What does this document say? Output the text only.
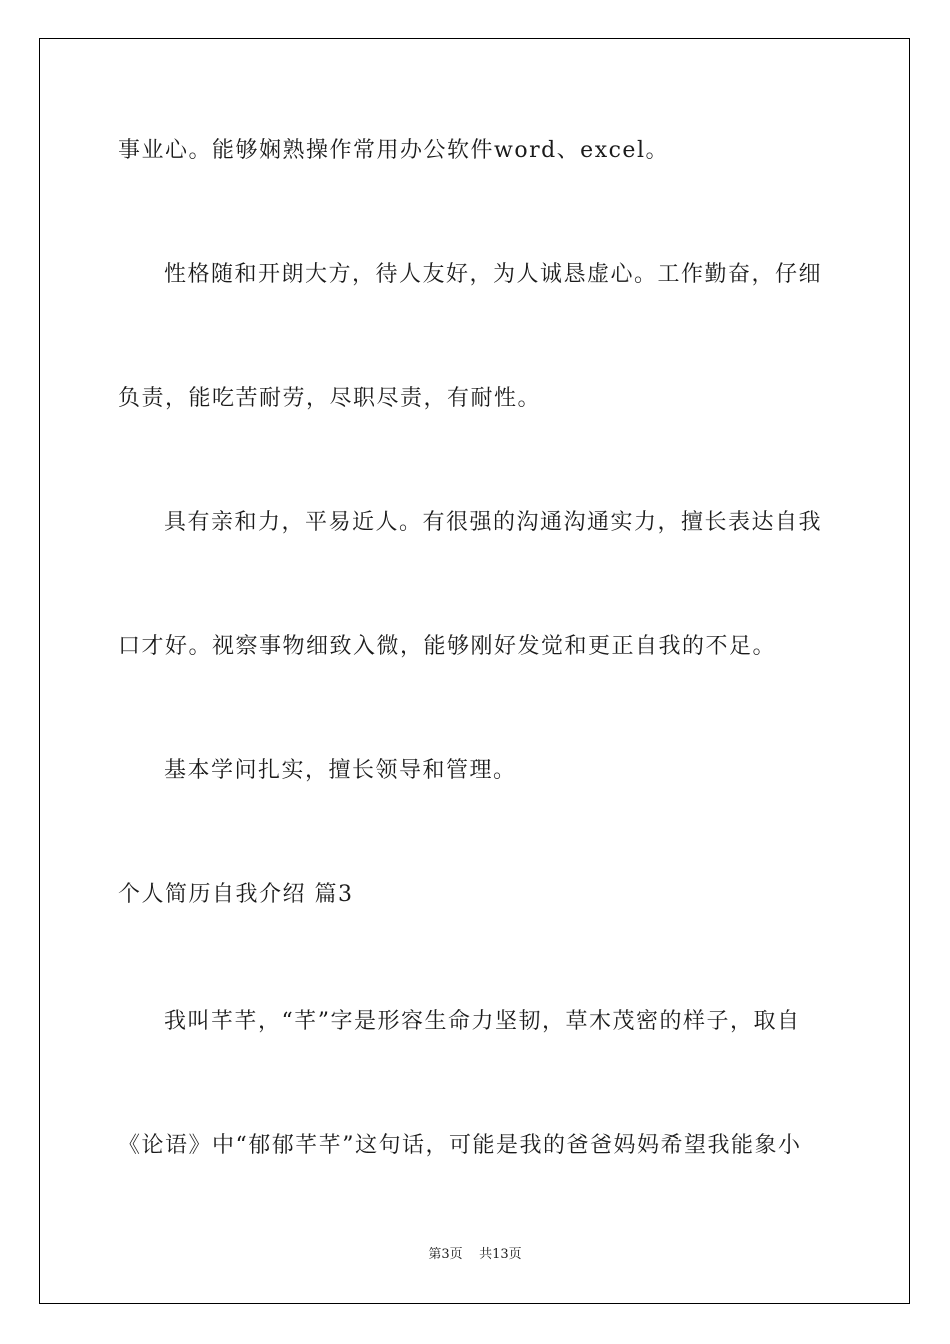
事业心。能够娴熟操作常用办公软件word、excel。
性格随和开朗大方，待人友好，为人诚恳虚心。工作勤奋，仔细
负责，能吃苦耐劳，尽职尽责，有耐性。
具有亲和力，平易近人。有很强的沟通沟通实力，擅长表达自我
口才好。视察事物细致入微，能够刚好发觉和更正自我的不足。
基本学问扎实，擅长领导和管理。
个人简历自我介绍 篇3
我叫芊芊，“芊”字是形容生命力坚韧，草木茂密的样子，取自
《论语》中“郁郁芊芊”这句话，可能是我的爸爸妈妈希望我能象小
第3页 共13页
